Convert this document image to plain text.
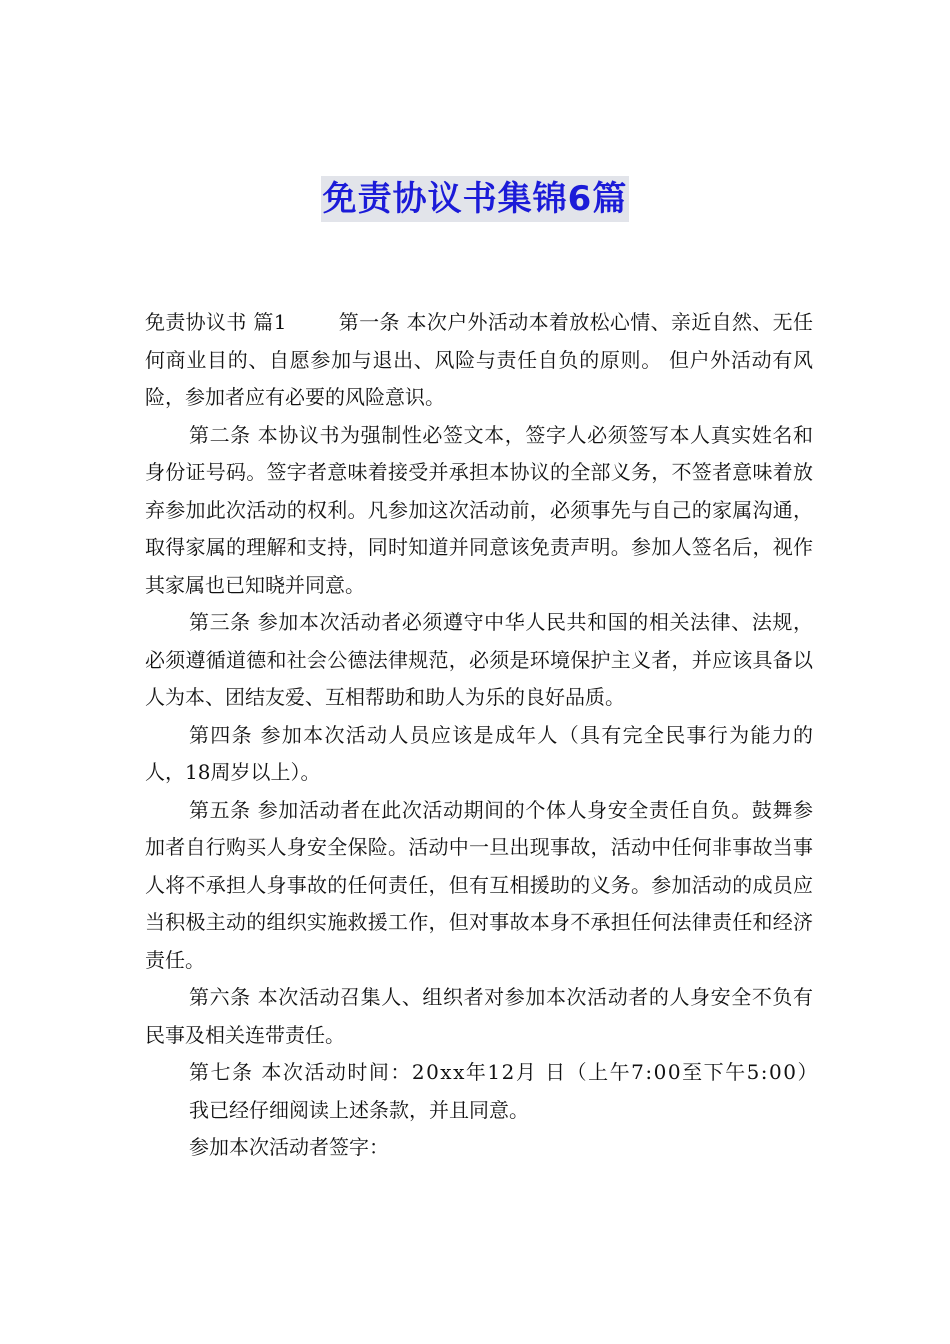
免责协议书集锦6篇

免责协议书 篇1	第一条 本次户外活动本着放松心情、亲近自然、无任何商业目的、自愿参加与退出、风险与责任自负的原则。 但户外活动有风险，参加者应有必要的风险意识。

第二条 本协议书为强制性必签文本，签字人必须签写本人真实姓名和身份证号码。签字者意味着接受并承担本协议的全部义务，不签者意味着放弃参加此次活动的权利。凡参加这次活动前，必须事先与自己的家属沟通，取得家属的理解和支持，同时知道并同意该免责声明。参加人签名后，视作其家属也已知晓并同意。

第三条 参加本次活动者必须遵守中华人民共和国的相关法律、法规，必须遵循道德和社会公德法律规范，必须是环境保护主义者，并应该具备以人为本、团结友爱、互相帮助和助人为乐的良好品质。

第四条 参加本次活动人员应该是成年人（具有完全民事行为能力的人，18周岁以上）。

第五条 参加活动者在此次活动期间的个体人身安全责任自负。鼓舞参加者自行购买人身安全保险。活动中一旦出现事故，活动中任何非事故当事人将不承担人身事故的任何责任，但有互相援助的义务。参加活动的成员应当积极主动的组织实施救援工作，但对事故本身不承担任何法律责任和经济责任。

第六条 本次活动召集人、组织者对参加本次活动者的人身安全不负有民事及相关连带责任。

第七条 本次活动时间：20xx年12月 日（上午7:00至下午5:00）

我已经仔细阅读上述条款，并且同意。

参加本次活动者签字：
